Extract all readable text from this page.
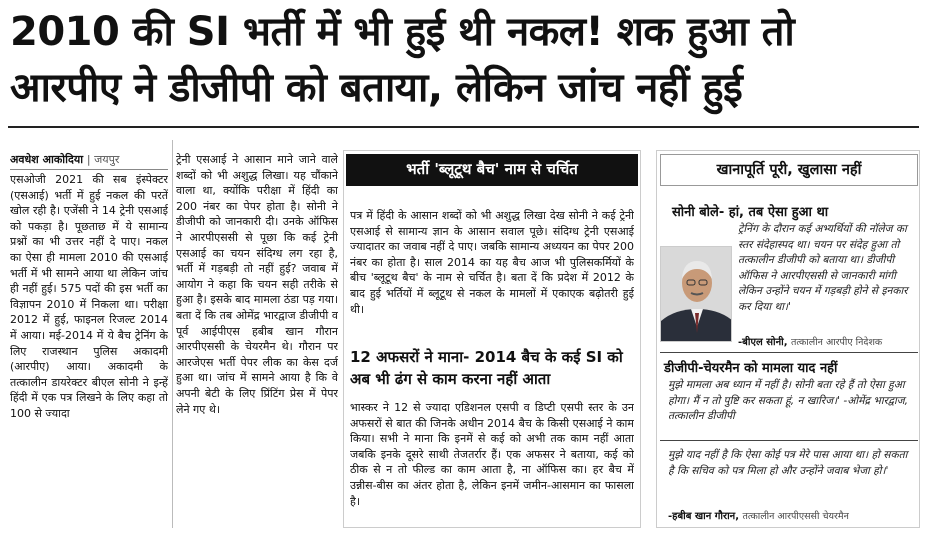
2010 की SI भर्ती में भी हुई थी नकल! शक हुआ तो
आरपीए ने डीजीपी को बताया, लेकिन जांच नहीं हुई
अवधेश आकोदिया | जयपुर
एसओजी 2021 की सब इंस्पेक्टर (एसआई) भर्ती में हुई नकल की परतें खोल रही है। एजेंसी ने 14 ट्रेनी एसआई को पकड़ा है। पूछताछ में ये सामान्य प्रश्नों का भी उत्तर नहीं दे पाए। नकल का ऐसा ही मामला 2010 की एसआई भर्ती में भी सामने आया था लेकिन जांच ही नहीं हुई। 575 पदों की इस भर्ती का विज्ञापन 2010 में निकला था। परीक्षा 2012 में हुई, फाइनल रिजल्ट 2014 में आया। मई-2014 में ये बैच ट्रेनिंग के लिए राजस्थान पुलिस अकादमी (आरपीए) आया। अकादमी के तत्कालीन डायरेक्टर बीएल सोनी ने इन्हें हिंदी में एक पत्र लिखने के लिए कहा तो 100 से ज्यादा
ट्रेनी एसआई ने आसान माने जाने वाले शब्दों को भी अशुद्ध लिखा। यह चौंकाने वाला था, क्योंकि परीक्षा में हिंदी का 200 नंबर का पेपर होता है। सोनी ने डीजीपी को जानकारी दी। उनके ऑफिस ने आरपीएससी से पूछा कि कई ट्रेनी एसआई का चयन संदिग्ध लग रहा है, भर्ती में गड़बड़ी तो नहीं हुई? जवाब में आयोग ने कहा कि चयन सही तरीके से हुआ है। इसके बाद मामला ठंडा पड़ गया। बता दें कि तब ओमेंद्र भारद्वाज डीजीपी व पूर्व आईपीएस हबीब खान गौरान आरपीएससी के चेयरमैन थे। गौरान पर आरजेएस भर्ती पेपर लीक का केस दर्ज हुआ था। जांच में सामने आया है कि वे अपनी बेटी के लिए प्रिंटिंग प्रेस में पेपर लेने गए थे।
भर्ती 'ब्लूटूथ बैच' नाम से चर्चित
पत्र में हिंदी के आसान शब्दों को भी अशुद्ध लिखा देख सोनी ने कई ट्रेनी एसआई से सामान्य ज्ञान के आसान सवाल पूछे। संदिग्ध ट्रेनी एसआई ज्यादातर का जवाब नहीं दे पाए। जबकि सामान्य अध्ययन का पेपर 200 नंबर का होता है। साल 2014 का यह बैच आज भी पुलिसकर्मियों के बीच 'ब्लूटूथ बैच' के नाम से चर्चित है। बता दें कि प्रदेश में 2012 के बाद हुई भर्तियों में ब्लूटूथ से नकल के मामलों में एकाएक बढ़ोतरी हुई थी।
12 अफसरों ने माना- 2014 बैच के कई SI को अब भी ढंग से काम करना नहीं आता
भास्कर ने 12 से ज्यादा एडिशनल एसपी व डिप्टी एसपी स्तर के उन अफसरों से बात की जिनके अधीन 2014 बैच के किसी एसआई ने काम किया। सभी ने माना कि इनमें से कई को अभी तक काम नहीं आता जबकि इनके दूसरे साथी तेजतर्रार हैं। एक अफसर ने बताया, कई को ठीक से न तो फील्ड का काम आता है, ना ऑफिस का। हर बैच में उन्नीस-बीस का अंतर होता है, लेकिन इनमें जमीन-आसमान का फासला है।
खानापूर्ति पूरी, खुलासा नहीं
सोनी बोले- हां, तब ऐसा हुआ था
ट्रेनिंग के दौरान कई अभ्यर्थियों की नॉलेज का स्तर संदेहास्पद था। चयन पर संदेह हुआ तो तत्कालीन डीजीपी को बताया था। डीजीपी ऑफिस ने आरपीएससी से जानकारी मांगी लेकिन उन्होंने चयन में गड़बड़ी होने से इनकार कर दिया था।'
-बीएल सोनी, तत्कालीन आरपीए निदेशक
डीजीपी-चेयरमैन को मामला याद नहीं
मुझे मामला अब ध्यान में नहीं है। सोनी बता रहे हैं तो ऐसा हुआ होगा। मैं न तो पुष्टि कर सकता हूं, न खारिज।' -ओमेंद्र भारद्वाज, तत्कालीन डीजीपी
मुझे याद नहीं है कि ऐसा कोई पत्र मेरे पास आया था। हो सकता है कि सचिव को पत्र मिला हो और उन्होंने जवाब भेजा हो।'
-हबीब खान गौरान, तत्कालीन आरपीएससी चेयरमैन
